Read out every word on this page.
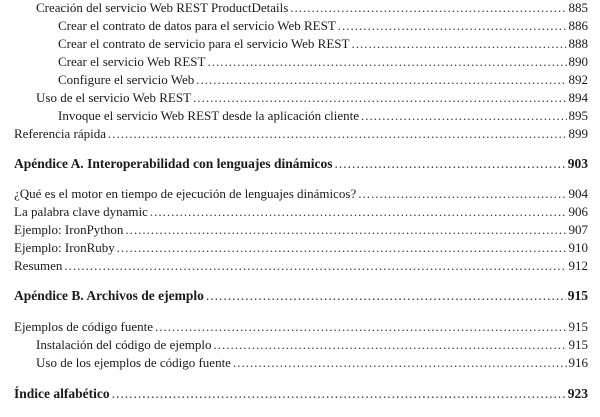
Creación del servicio Web REST ProductDetails .....	885
Crear el contrato de datos para el servicio Web REST .....	886
Crear el contrato de servicio para el servicio Web REST .....	888
Crear el servicio Web REST .....	890
Configure el servicio Web .....	892
Uso de el servicio Web REST .....	894
Invoque el servicio Web REST desde la aplicación cliente .....	895
Referencia rápida .....	899
Apéndice A. Interoperabilidad con lenguajes dinámicos .....	903
¿Qué es el motor en tiempo de ejecución de lenguajes dinámicos? .....	904
La palabra clave dynamic .....	906
Ejemplo: IronPython .....	907
Ejemplo: IronRuby .....	910
Resumen .....	912
Apéndice B. Archivos de ejemplo .....	915
Ejemplos de código fuente .....	915
Instalación del código de ejemplo .....	915
Uso de los ejemplos de código fuente .....	916
Índice alfabético .....	923
